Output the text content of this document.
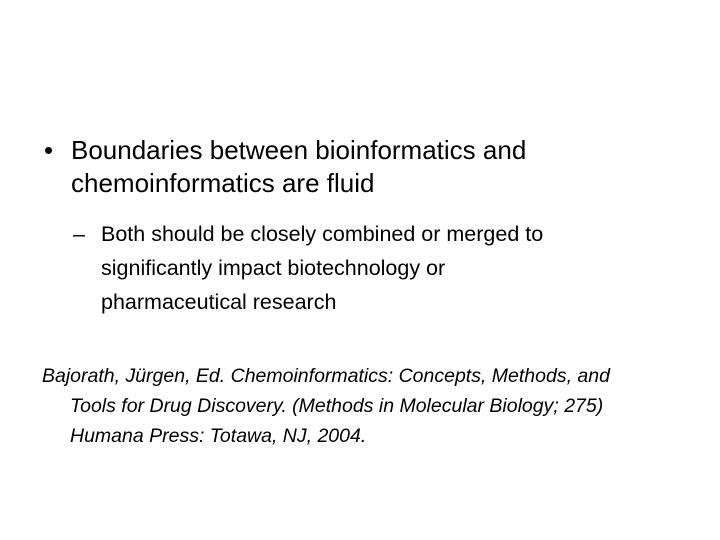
• Boundaries between bioinformatics and
chemoinformatics are fluid
– Both should be closely combined or merged to
significantly impact biotechnology or
pharmaceutical research
Bajorath, Jürgen, Ed. Chemoinformatics: Concepts, Methods, and
Tools for Drug Discovery. (Methods in Molecular Biology; 275)
Humana Press: Totawa, NJ, 2004.
